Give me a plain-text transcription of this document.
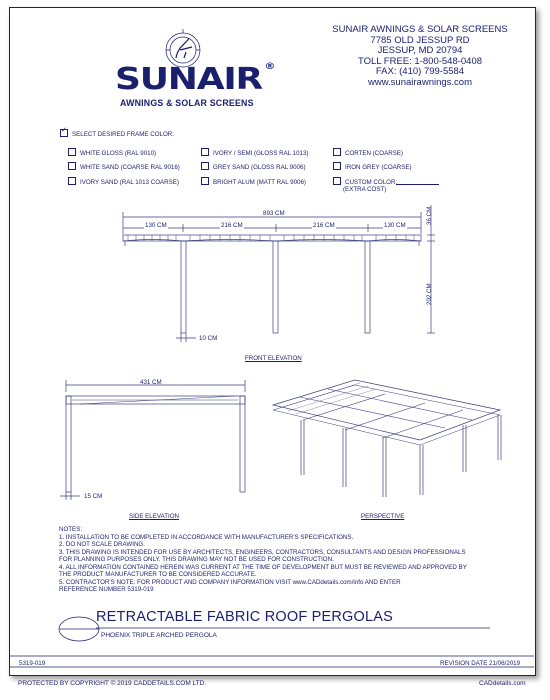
SUNAIR ®
AWNINGS & SOLAR SCREENS
SUNAIR AWNINGS & SOLAR SCREENS
7785 OLD JESSUP RD
JESSUP, MD 20794
TOLL FREE: 1-800-548-0408
FAX: (410) 799-5584
www.sunairawnings.com
✓
SELECT DESIRED FRAME COLOR:
WHITE GLOSS (RAL 9010)
WHITE SAND (COARSE RAL 9016)
IVORY SAND (RAL 1013 COARSE)
IVORY / SEMI (GLOSS RAL 1013)
GREY SAND (GLOSS RAL 9006)
BRIGHT ALUM (MATT RAL 9006)
CORTEN (COARSE)
IRON GREY (COARSE)
CUSTOM COLOR:
(EXTRA COST)
893 CM
130 CM	216 CM	216 CM	130 CM
36 CM
202 CM
10 CM
FRONT ELEVATION
431 CM
15 CM
SIDE ELEVATION	PERSPECTIVE
NOTES:
1. INSTALLATION TO BE COMPLETED IN ACCORDANCE WITH MANUFACTURER'S SPECIFICATIONS.
2. DO NOT SCALE DRAWING.
3. THIS DRAWING IS INTENDED FOR USE BY ARCHITECTS, ENGINEERS, CONTRACTORS, CONSULTANTS AND DESIGN PROFESSIONALS
FOR PLANNING PURPOSES ONLY. THIS DRAWING MAY NOT BE USED FOR CONSTRUCTION.
4. ALL INFORMATION CONTAINED HEREIN WAS CURRENT AT THE TIME OF DEVELOPMENT BUT MUST BE REVIEWED AND APPROVED BY
THE PRODUCT MANUFACTURER TO BE CONSIDERED ACCURATE.
5. CONTRACTOR'S NOTE: FOR PRODUCT AND COMPANY INFORMATION VISIT www.CADdetails.com/info AND ENTER
REFERENCE NUMBER 5319-019
RETRACTABLE FABRIC ROOF PERGOLAS
PHOENIX TRIPLE ARCHED PERGOLA
5319-019	REVISION DATE 21/06/2019
PROTECTED BY COPYRIGHT © 2019 CADDETAILS.COM LTD.	CADdetails.com
